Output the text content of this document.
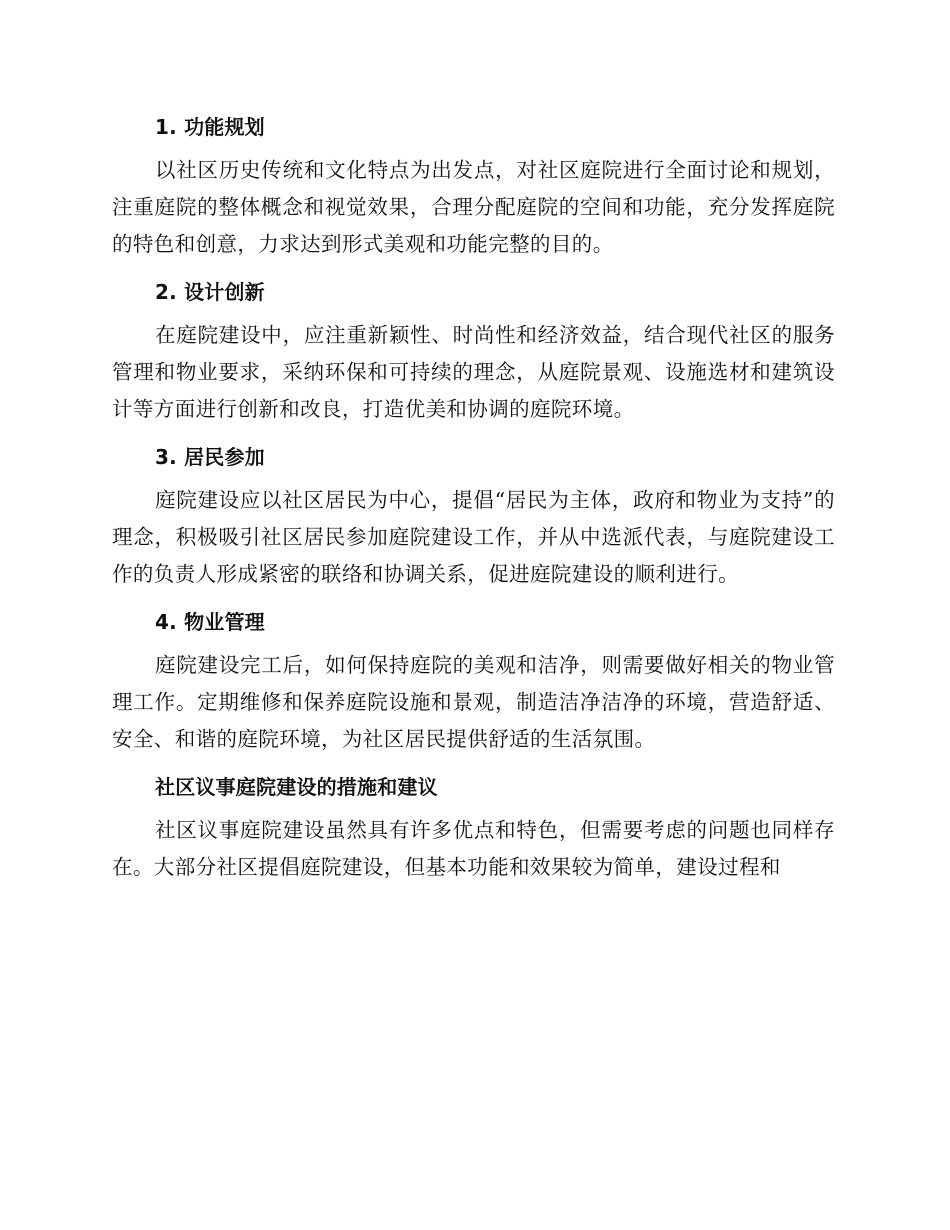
1. 功能规划

以社区历史传统和文化特点为出发点，对社区庭院进行全面讨论和规划，注重庭院的整体概念和视觉效果，合理分配庭院的空间和功能，充分发挥庭院的特色和创意，力求达到形式美观和功能完整的目的。

2. 设计创新

在庭院建设中，应注重新颖性、时尚性和经济效益，结合现代社区的服务管理和物业要求，采纳环保和可持续的理念，从庭院景观、设施选材和建筑设计等方面进行创新和改良，打造优美和协调的庭院环境。

3. 居民参加

庭院建设应以社区居民为中心，提倡“居民为主体，政府和物业为支持”的理念，积极吸引社区居民参加庭院建设工作，并从中选派代表，与庭院建设工作的负责人形成紧密的联络和协调关系，促进庭院建设的顺利进行。

4. 物业管理

庭院建设完工后，如何保持庭院的美观和洁净，则需要做好相关的物业管理工作。定期维修和保养庭院设施和景观，制造洁净洁净的环境，营造舒适、安全、和谐的庭院环境，为社区居民提供舒适的生活氛围。

社区议事庭院建设的措施和建议

社区议事庭院建设虽然具有许多优点和特色，但需要考虑的问题也同样存在。大部分社区提倡庭院建设，但基本功能和效果较为简单，建设过程和
